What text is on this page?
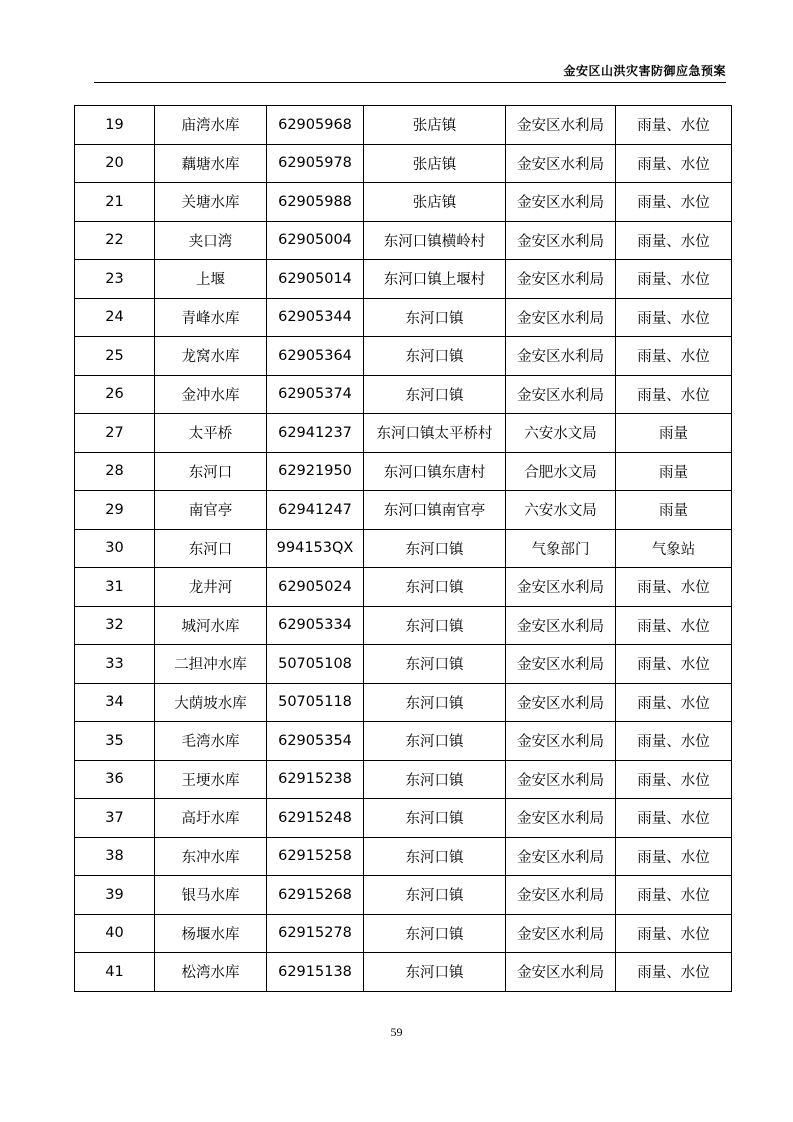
金安区山洪灾害防御应急预案
19	庙湾水库	62905968	张店镇	金安区水利局	雨量、水位
20	藕塘水库	62905978	张店镇	金安区水利局	雨量、水位
21	关塘水库	62905988	张店镇	金安区水利局	雨量、水位
22	夹口湾	62905004	东河口镇横岭村	金安区水利局	雨量、水位
23	上堰	62905014	东河口镇上堰村	金安区水利局	雨量、水位
24	青峰水库	62905344	东河口镇	金安区水利局	雨量、水位
25	龙窝水库	62905364	东河口镇	金安区水利局	雨量、水位
26	金冲水库	62905374	东河口镇	金安区水利局	雨量、水位
27	太平桥	62941237	东河口镇太平桥村	六安水文局	雨量
28	东河口	62921950	东河口镇东唐村	合肥水文局	雨量
29	南官亭	62941247	东河口镇南官亭	六安水文局	雨量
30	东河口	994153QX	东河口镇	气象部门	气象站
31	龙井河	62905024	东河口镇	金安区水利局	雨量、水位
32	城河水库	62905334	东河口镇	金安区水利局	雨量、水位
33	二担冲水库	50705108	东河口镇	金安区水利局	雨量、水位
34	大荫坡水库	50705118	东河口镇	金安区水利局	雨量、水位
35	毛湾水库	62905354	东河口镇	金安区水利局	雨量、水位
36	王埂水库	62915238	东河口镇	金安区水利局	雨量、水位
37	高圩水库	62915248	东河口镇	金安区水利局	雨量、水位
38	东冲水库	62915258	东河口镇	金安区水利局	雨量、水位
39	银马水库	62915268	东河口镇	金安区水利局	雨量、水位
40	杨堰水库	62915278	东河口镇	金安区水利局	雨量、水位
41	松湾水库	62915138	东河口镇	金安区水利局	雨量、水位
59
